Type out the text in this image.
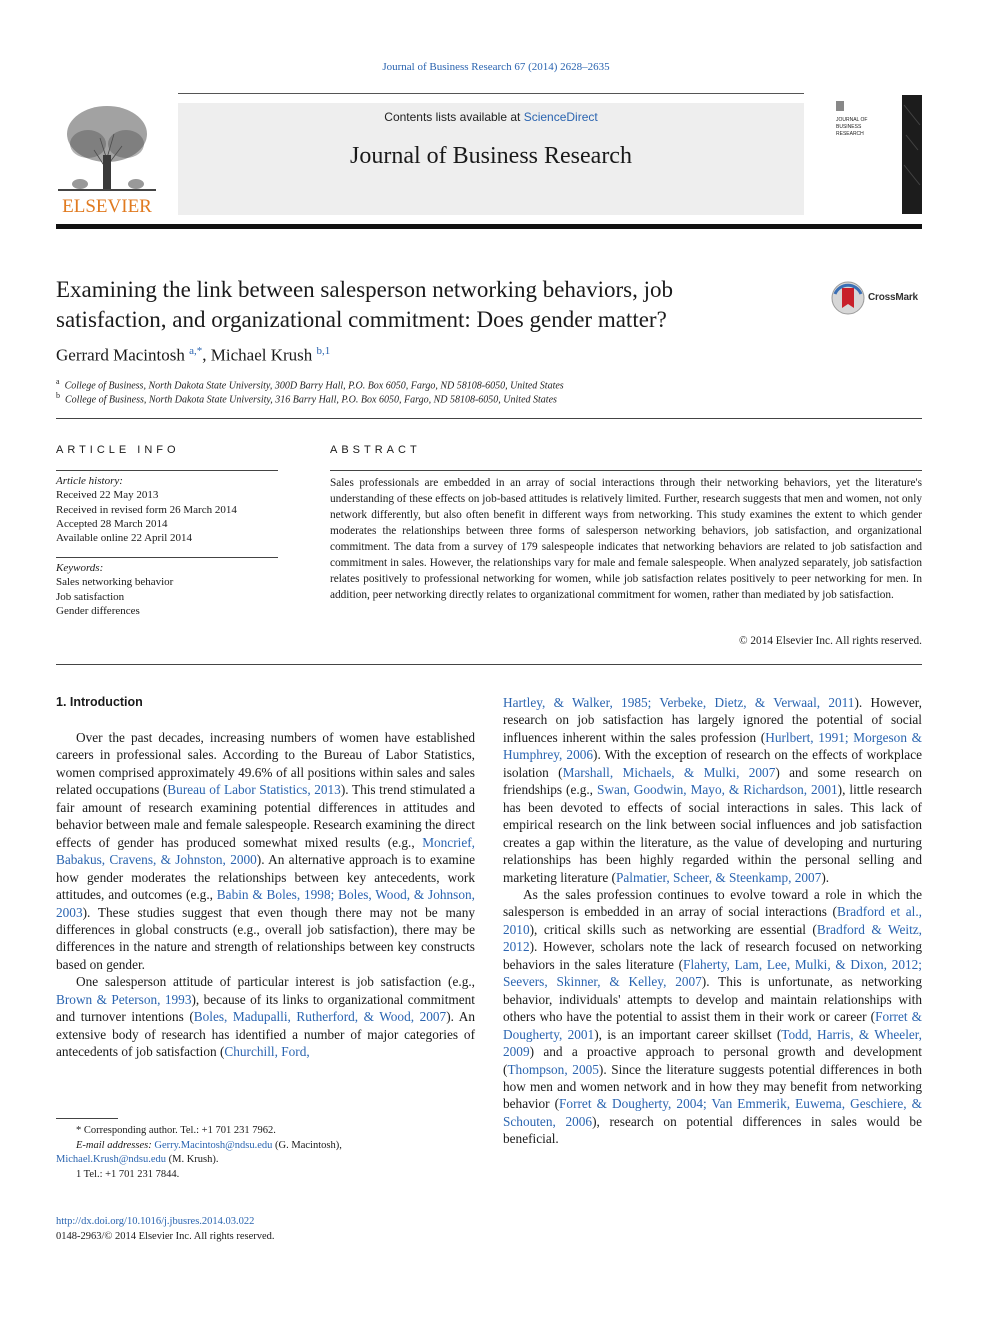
Journal of Business Research 67 (2014) 2628–2635
ELSEVIER
Contents lists available at ScienceDirect
Journal of Business Research
JOURNAL OF
BUSINESS
RESEARCH
Examining the link between salesperson networking behaviors, job
satisfaction, and organizational commitment: Does gender matter?
CrossMark
Gerrard Macintosh $^{a,*}$, Michael Krush $^{b,1}$
$^a$ College of Business, North Dakota State University, 300D Barry Hall, P.O. Box 6050, Fargo, ND 58108-6050, United States
$^b$ College of Business, North Dakota State University, 316 Barry Hall, P.O. Box 6050, Fargo, ND 58108-6050, United States
ARTICLE INFO
Article history:
Received 22 May 2013
Received in revised form 26 March 2014
Accepted 28 March 2014
Available online 22 April 2014
Keywords:
Sales networking behavior
Job satisfaction
Gender differences
ABSTRACT
Sales professionals are embedded in an array of social interactions through their networking behaviors, yet the literature's understanding of these effects on job-based attitudes is relatively limited. Further, research suggests that men and women, not only network differently, but also often benefit in different ways from networking. This study examines the extent to which gender moderates the relationships between three forms of salesperson networking behaviors, job satisfaction, and organizational commitment. The data from a survey of 179 salespeople indicates that networking behaviors are related to job satisfaction and commitment in sales. However, the relationships vary for male and female salespeople. When analyzed separately, job satisfaction relates positively to professional networking for women, while job satisfaction relates positively to peer networking for men. In addition, peer networking directly relates to organizational commitment for women, rather than mediated by job satisfaction.
© 2014 Elsevier Inc. All rights reserved.
1. Introduction

Over the past decades, increasing numbers of women have established careers in professional sales. According to the Bureau of Labor Statistics, women comprised approximately 49.6% of all positions within sales and sales related occupations (Bureau of Labor Statistics, 2013). This trend stimulated a fair amount of research examining potential differences in attitudes and behavior between male and female salespeople. Research examining the direct effects of gender has produced somewhat mixed results (e.g., Moncrief, Babakus, Cravens, & Johnston, 2000). An alternative approach is to examine how gender moderates the relationships between key antecedents, work attitudes, and outcomes (e.g., Babin & Boles, 1998; Boles, Wood, & Johnson, 2003). These studies suggest that even though there may not be many differences in global constructs (e.g., overall job satisfaction), there may be differences in the nature and strength of relationships between key constructs based on gender.

One salesperson attitude of particular interest is job satisfaction (e.g., Brown & Peterson, 1993), because of its links to organizational commitment and turnover intentions (Boles, Madupalli, Rutherford, & Wood, 2007). An extensive body of research has identified a number of major categories of antecedents of job satisfaction (Churchill, Ford,

Hartley, & Walker, 1985; Verbeke, Dietz, & Verwaal, 2011). However, research on job satisfaction has largely ignored the potential of social influences inherent within the sales profession (Hurlbert, 1991; Morgeson & Humphrey, 2006). With the exception of research on the effects of workplace isolation (Marshall, Michaels, & Mulki, 2007) and some research on friendships (e.g., Swan, Goodwin, Mayo, & Richardson, 2001), little research has been devoted to effects of social interactions in sales. This lack of empirical research on the link between social influences and job satisfaction creates a gap within the literature, as the value of developing and nurturing relationships has been highly regarded within the personal selling and marketing literature (Palmatier, Scheer, & Steenkamp, 2007).

As the sales profession continues to evolve toward a role in which the salesperson is embedded in an array of social interactions (Bradford et al., 2010), critical skills such as networking are essential (Bradford & Weitz, 2012). However, scholars note the lack of research focused on networking behaviors in the sales literature (Flaherty, Lam, Lee, Mulki, & Dixon, 2012; Seevers, Skinner, & Kelley, 2007). This is unfortunate, as networking behavior, individuals' attempts to develop and maintain relationships with others who have the potential to assist them in their work or career (Forret & Dougherty, 2001), is an important career skillset (Todd, Harris, & Wheeler, 2009) and a proactive approach to personal growth and development (Thompson, 2005). Since the literature suggests potential differences in both how men and women network and in how they may benefit from networking behavior (Forret & Dougherty, 2004; Van Emmerik, Euwema, Geschiere, & Schouten, 2006), research on potential differences in sales would be beneficial.

* Corresponding author. Tel.: +1 701 231 7962.
E-mail addresses: Gerry.Macintosh@ndsu.edu (G. Macintosh),
Michael.Krush@ndsu.edu (M. Krush).
1 Tel.: +1 701 231 7844.
http://dx.doi.org/10.1016/j.jbusres.2014.03.022
0148-2963/© 2014 Elsevier Inc. All rights reserved.
